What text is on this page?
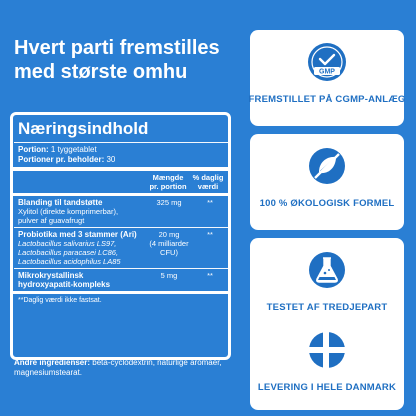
Hvert parti fremstilles
med største omhu
Næringsindhold
Portion: 1 tyggetablet
Portioner pr. beholder: 30
Mængde
pr. portion
% daglig
værdi
Blanding til tandstøtte
Xylitol (direkte komprimerbar),
pulver af guavafrugt
325 mg	**
Probiotika med 3 stammer (Ari)
Lactobacillus salivarius LS97,
Lactobacillus paracasei LC86,
Lactobacillus acidophilus LA85
20 mg
(4 milliarder
CFU)
**
Mikrokrystallinsk
hydroxyapatit-kompleks
5 mg	**
**Daglig værdi ikke fastsat.
Andre ingredienser: beta-cyclodextrin, naturlige aromaer, magnesiumstearat.
GMP
FREMSTILLET PÅ CGMP-ANLÆG
100 % ØKOLOGISK FORMEL
TESTET AF TREDJEPART
LEVERING I HELE DANMARK
